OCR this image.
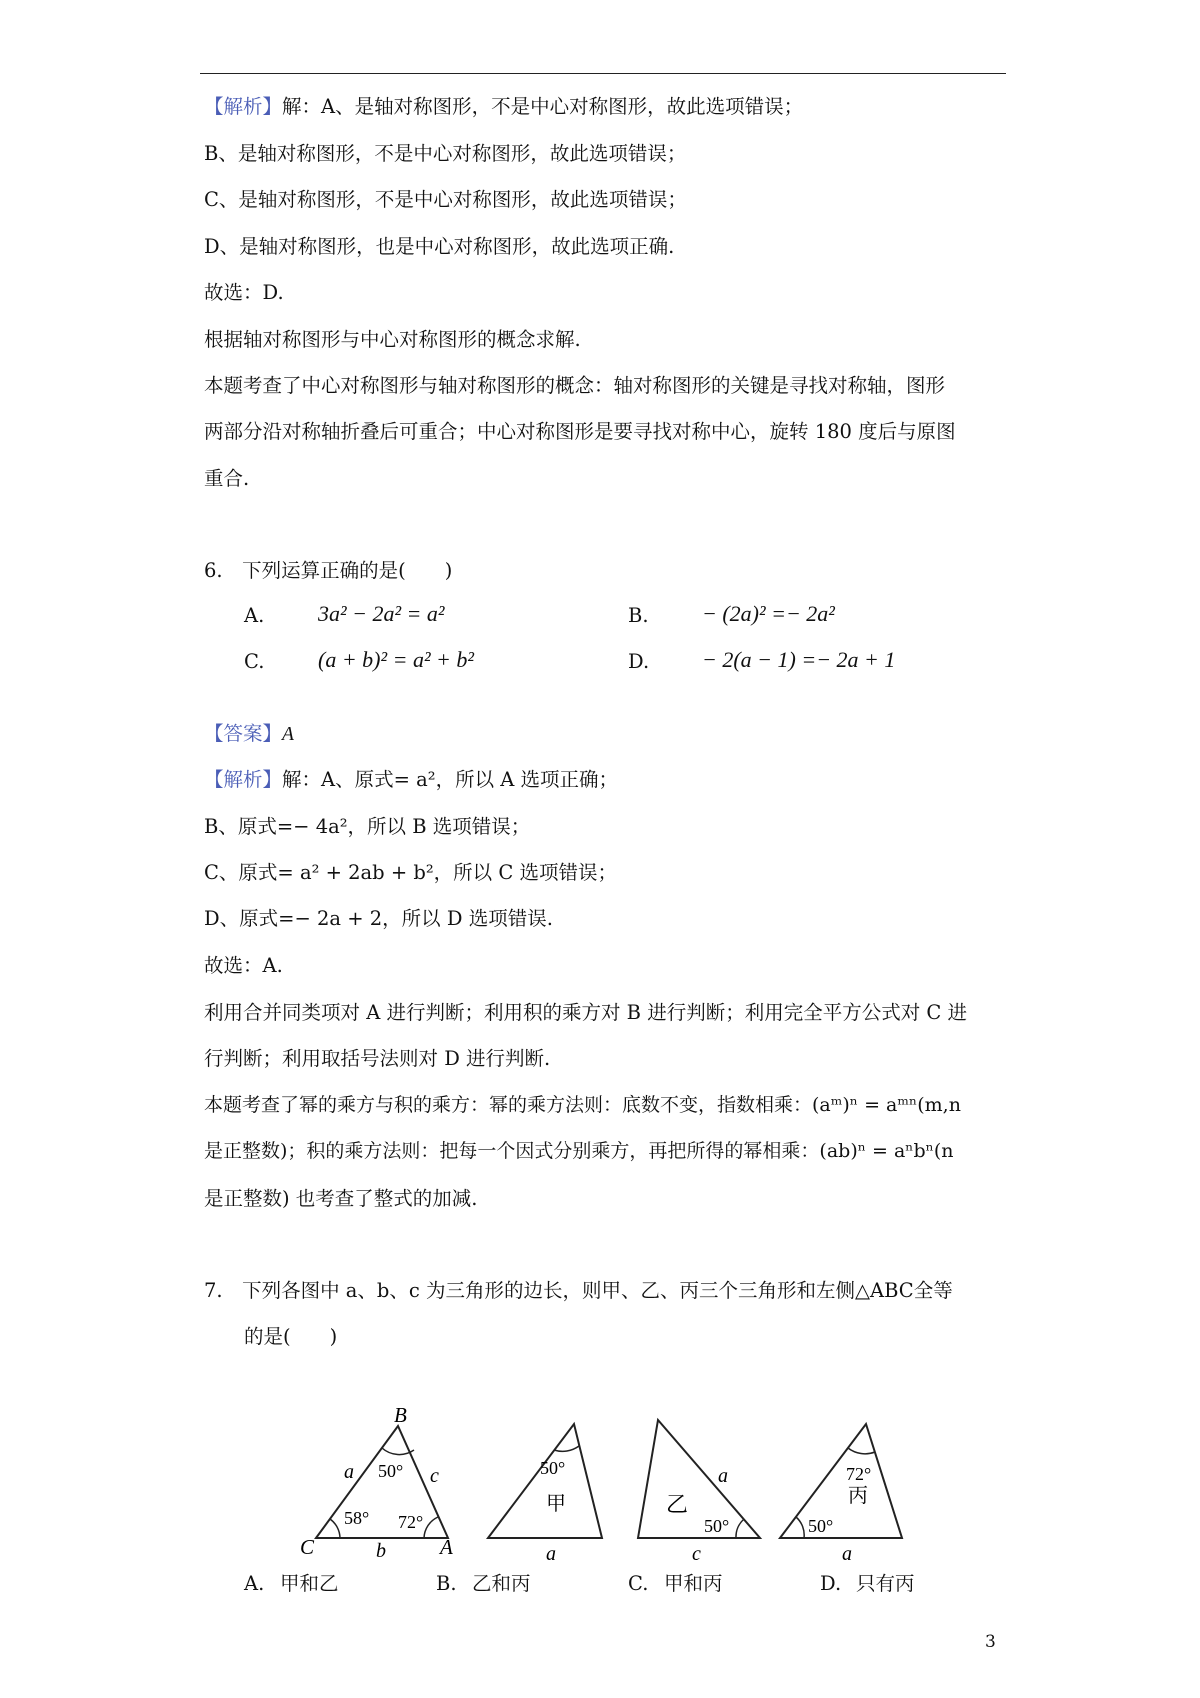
【解析】解：A、是轴对称图形，不是中心对称图形，故此选项错误；
B、是轴对称图形，不是中心对称图形，故此选项错误；
C、是轴对称图形，不是中心对称图形，故此选项错误；
D、是轴对称图形，也是中心对称图形，故此选项正确.
故选：D.
根据轴对称图形与中心对称图形的概念求解.
本题考查了中心对称图形与轴对称图形的概念：轴对称图形的关键是寻找对称轴，图形
两部分沿对称轴折叠后可重合；中心对称图形是要寻找对称中心，旋转 180 度后与原图
重合.
6. 下列运算正确的是(  )
A. 3a² − 2a² = a²	B. − (2a)² =− 2a²
C. (a + b)² = a² + b²	D. − 2(a − 1) =− 2a + 1
【答案】A
【解析】解：A、原式= a²，所以 A 选项正确；
B、原式=− 4a²，所以 B 选项错误；
C、原式= a² + 2ab + b²，所以 C 选项错误；
D、原式=− 2a + 2，所以 D 选项错误.
故选：A.
利用合并同类项对 A 进行判断；利用积的乘方对 B 进行判断；利用完全平方公式对 C 进
行判断；利用取括号法则对 D 进行判断.
本题考查了幂的乘方与积的乘方：幂的乘方法则：底数不变，指数相乘：(aᵐ)ⁿ = aᵐⁿ(m,n
是正整数)；积的乘方法则：把每一个因式分别乘方，再把所得的幂相乘：(ab)ⁿ = aⁿbⁿ(n
是正整数) 也考查了整式的加减.
7. 下列各图中 a、b、c 为三角形的边长，则甲、乙、丙三个三角形和左侧△ABC全等
的是(  )
B
C	A
a	c
b
50°
58° 72°
50°
甲
a
a
乙
50°
c
72°
丙
50°
a
A. 甲和乙	B. 乙和丙	C. 甲和丙	D. 只有丙
3
